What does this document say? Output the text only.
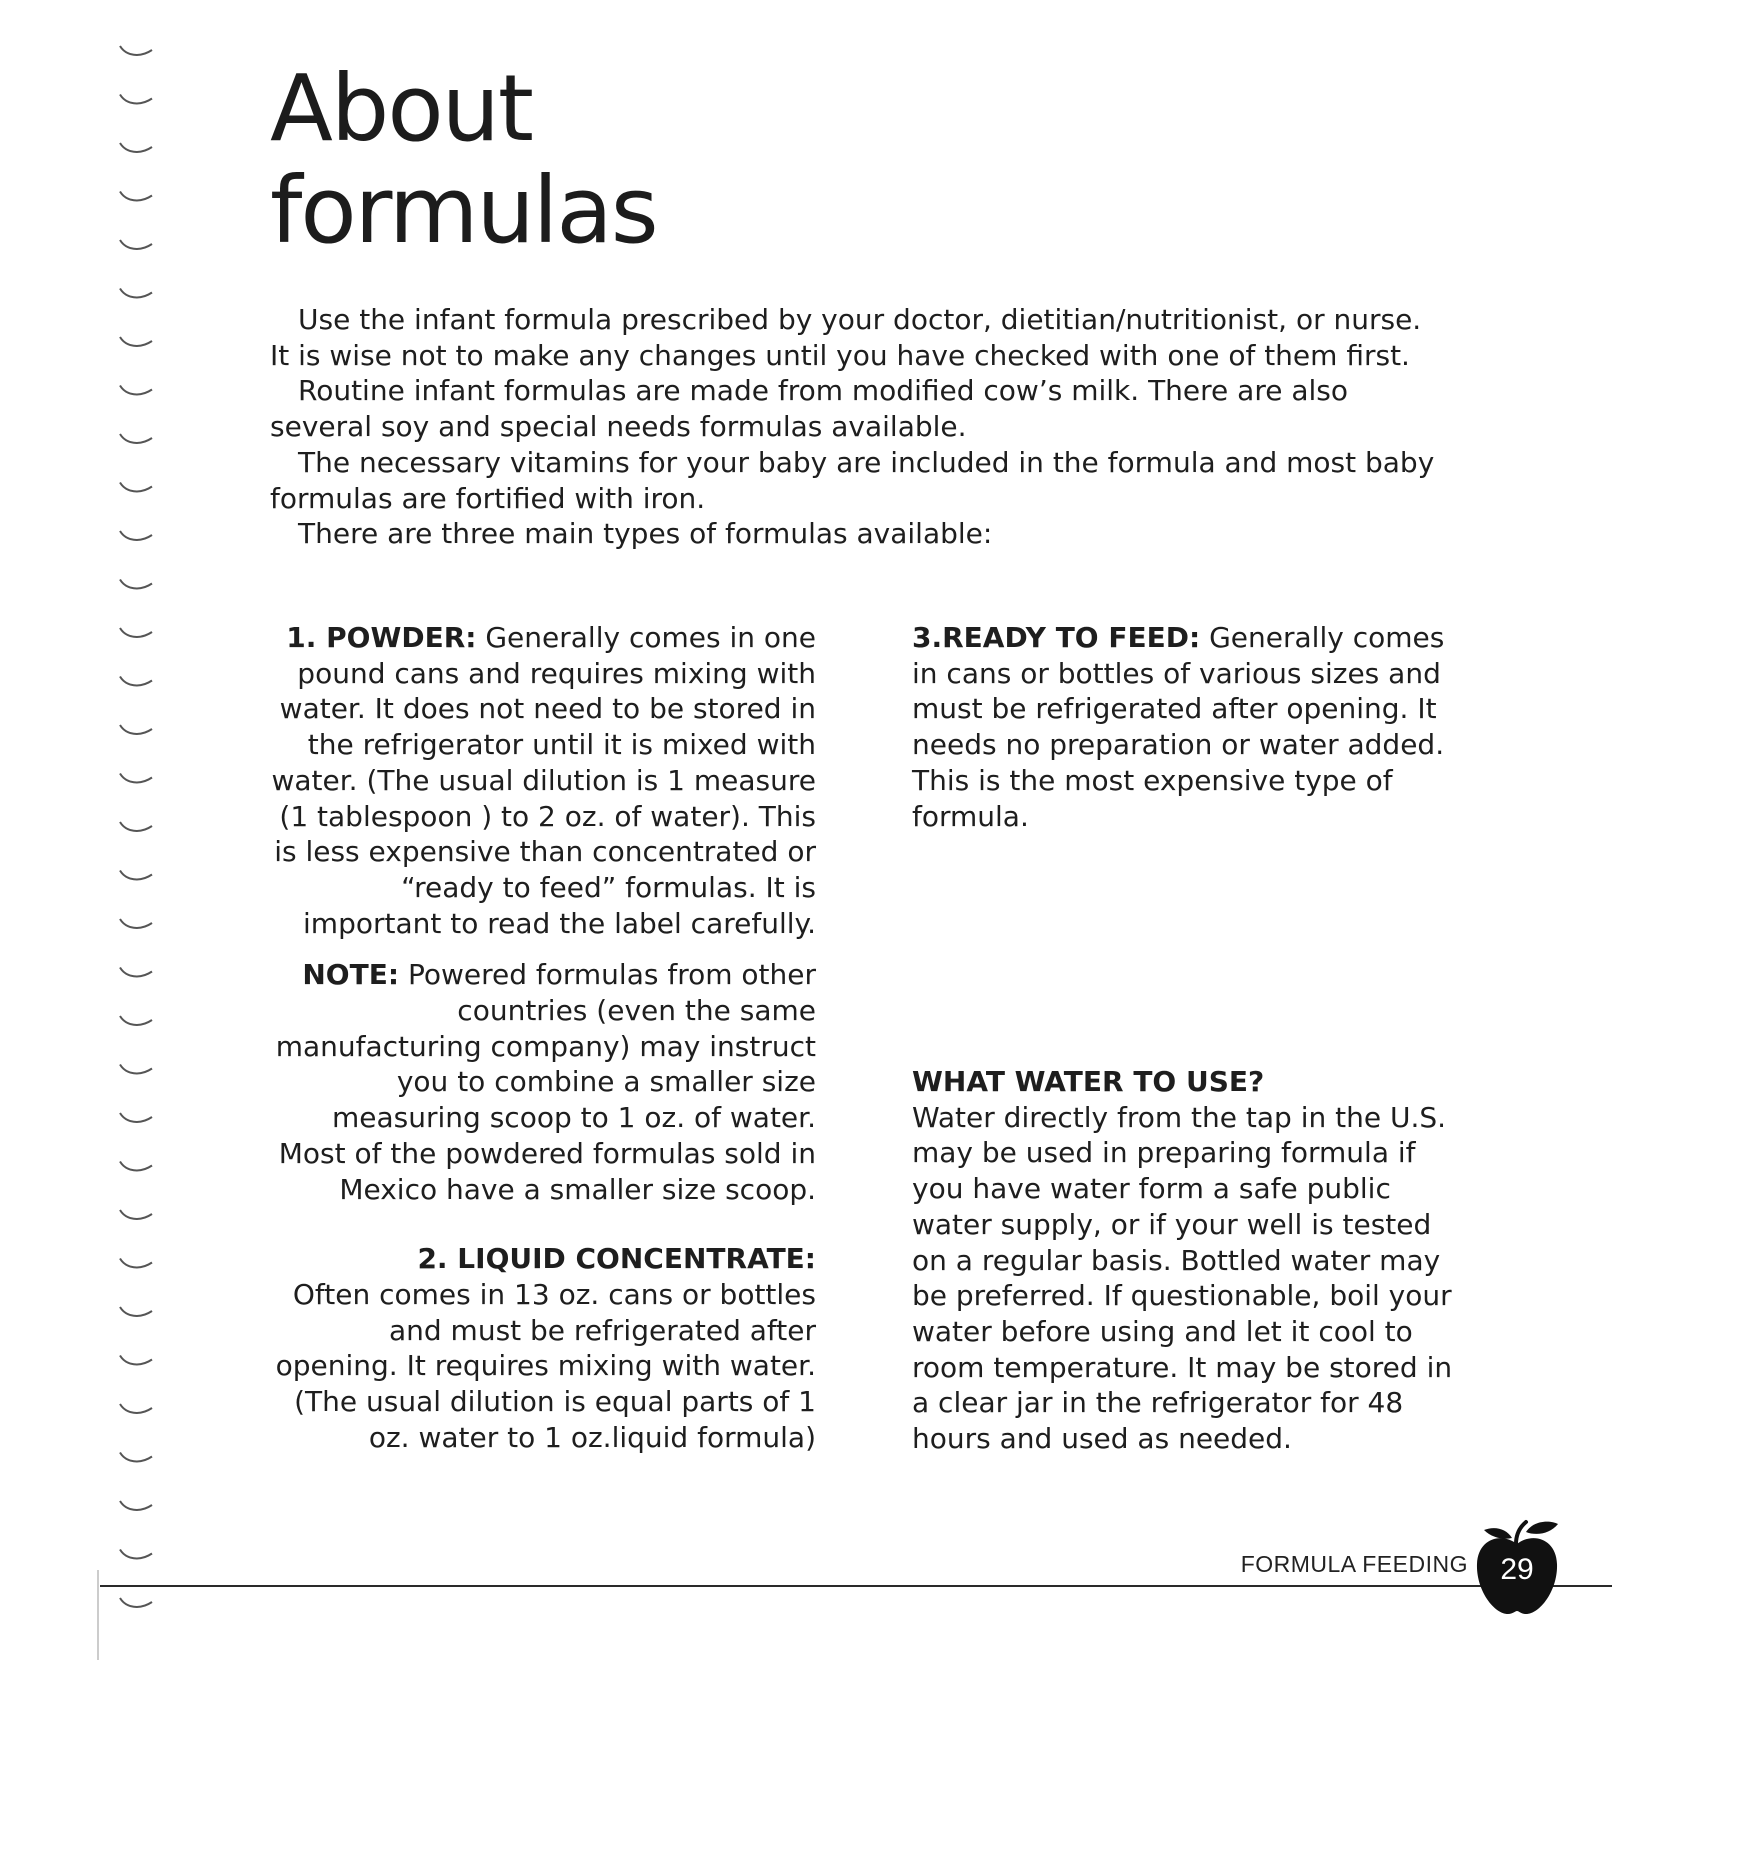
About
formulas

Use the infant formula prescribed by your doctor, dietitian/nutritionist, or nurse. It is wise not to make any changes until you have checked with one of them first.

Routine infant formulas are made from modified cow’s milk. There are also several soy and special needs formulas available.

The necessary vitamins for your baby are included in the formula and most baby formulas are fortified with iron.

There are three main types of formulas available:

1. POWDER: Generally comes in one pound cans and requires mixing with water. It does not need to be stored in the refrigerator until it is mixed with water. (The usual dilution is 1 measure (1 tablespoon ) to 2 oz. of water). This is less expensive than concentrated or “ready to feed” formulas. It is important to read the label carefully.

NOTE: Powered formulas from other countries (even the same manufacturing company) may instruct you to combine a smaller size measuring scoop to 1 oz. of water. Most of the powdered formulas sold in Mexico have a smaller size scoop.

2. LIQUID CONCENTRATE:

Often comes in 13 oz. cans or bottles and must be refrigerated after opening. It requires mixing with water. (The usual dilution is equal parts of 1 oz. water to 1 oz.liquid formula)

3.READY TO FEED: Generally comes in cans or bottles of various sizes and must be refrigerated after opening. It needs no preparation or water added. This is the most expensive type of formula.

WHAT WATER TO USE?

Water directly from the tap in the U.S. may be used in preparing formula if you have water form a safe public water supply, or if your well is tested on a regular basis. Bottled water may be preferred. If questionable, boil your water before using and let it cool to room temperature. It may be stored in a clear jar in the refrigerator for 48 hours and used as needed.

FORMULA FEEDING	29
